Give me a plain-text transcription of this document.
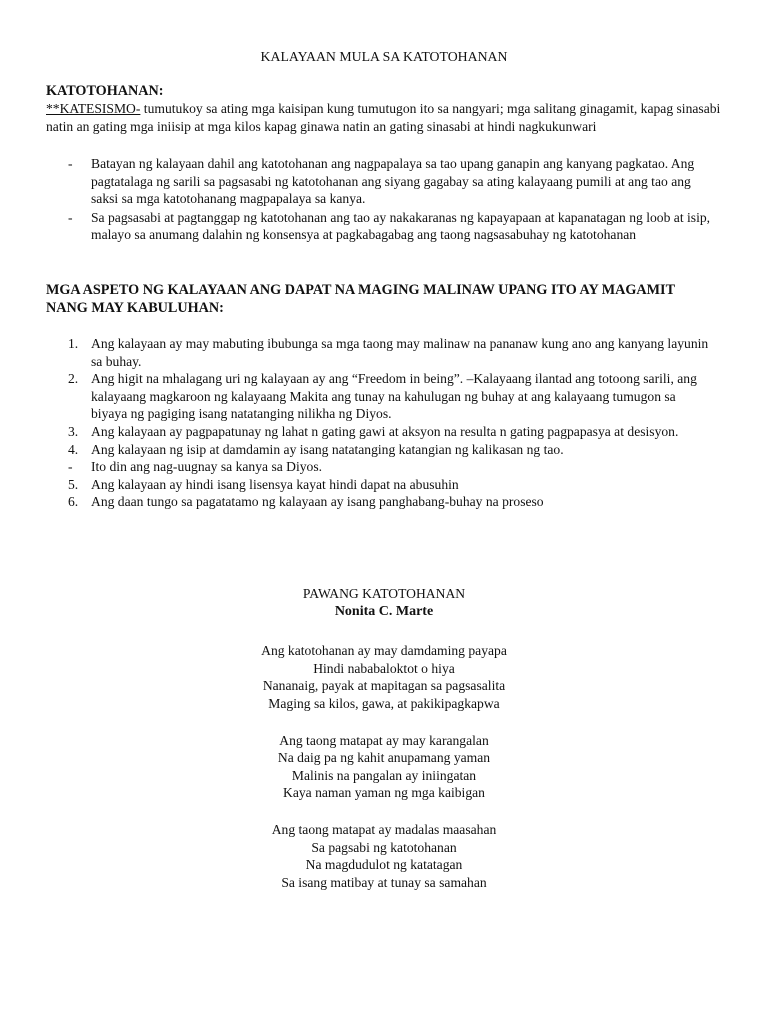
KALAYAAN MULA SA KATOTOHANAN
KATOTOHANAN:
**KATESISMO- tumutukoy sa ating mga kaisipan kung tumutugon ito sa nangyari; mga salitang ginagamit, kapag sinasabi natin an gating mga iniisip at mga kilos kapag ginawa natin an gating sinasabi at hindi nagkukunwari
- Batayan ng kalayaan dahil ang katotohanan ang nagpapalaya sa tao upang ganapin ang kanyang pagkatao. Ang pagtatalaga ng sarili sa pagsasabi ng katotohanan ang siyang gagabay sa ating kalayaang pumili at ang tao ang saksi sa mga katotohanang magpapalaya sa kanya.
- Sa pagsasabi at pagtanggap ng katotohanan ang tao ay nakakaranas ng kapayapaan at kapanatagan ng loob at isip, malayo sa anumang dalahin ng konsensya at pagkabagabag ang taong nagsasabuhay ng katotohanan
MGA ASPETO NG KALAYAAN ANG DAPAT NA MAGING MALINAW UPANG ITO AY MAGAMIT NANG MAY KABULUHAN:
1. Ang kalayaan ay may mabuting ibubunga sa mga taong may malinaw na pananaw kung ano ang kanyang layunin sa buhay.
2. Ang higit na mhalagang uri ng kalayaan ay ang “Freedom in being”. –Kalayaang ilantad ang totoong sarili, ang kalayaang magkaroon ng kalayaang Makita ang tunay na kahulugan ng buhay at ang kalayaang tumugon sa biyaya ng pagiging isang natatanging nilikha ng Diyos.
3. Ang kalayaan ay pagpapatunay ng lahat n gating gawi at aksyon na resulta n gating pagpapasya at desisyon.
4. Ang kalayaan ng isip at damdamin ay isang natatanging katangian ng kalikasan ng tao.
- Ito din ang nag-uugnay sa kanya sa Diyos.
5. Ang kalayaan ay hindi isang lisensya kayat hindi dapat na abusuhin
6. Ang daan tungo sa pagatatamo ng kalayaan ay isang panghabang-buhay na proseso
PAWANG KATOTOHANAN
Nonita C. Marte
Ang katotohanan ay may damdaming payapa
Hindi nababaloktot o hiya
Nananaig, payak at mapitagan sa pagsasalita
Maging sa kilos, gawa, at pakikipagkapwa
Ang taong matapat ay may karangalan
Na daig pa ng kahit anupamang yaman
Malinis na pangalan ay iniingatan
Kaya naman yaman ng mga kaibigan
Ang taong matapat ay madalas maasahan
Sa pagsabi ng katotohanan
Na magdudulot ng katatagan
Sa isang matibay at tunay sa samahan
